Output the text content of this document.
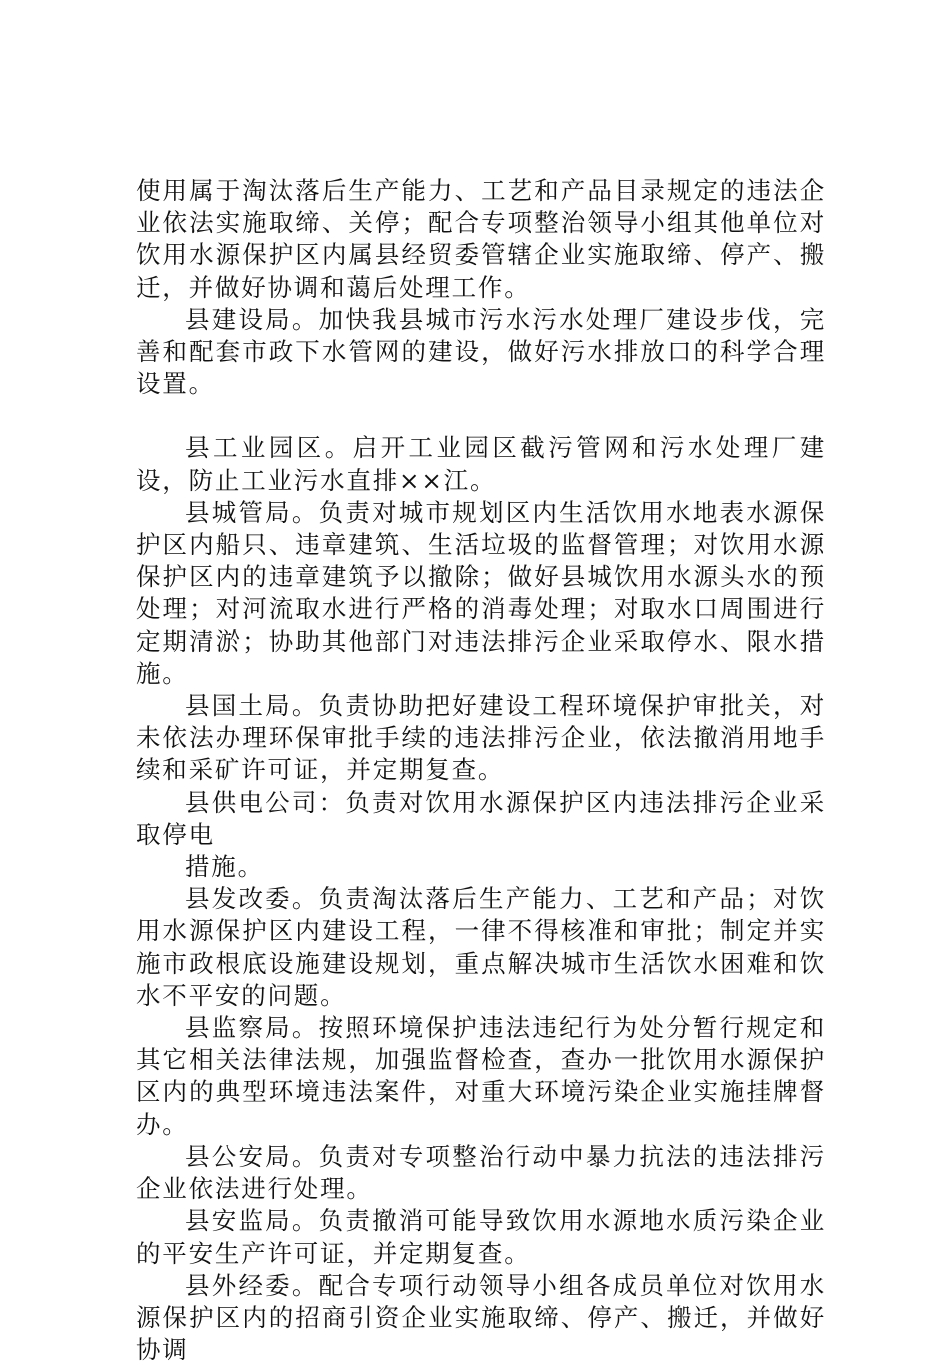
使用属于淘汰落后生产能力、工艺和产品目录规定的违法企业依法实施取缔、关停；配合专项整治领导小组其他单位对饮用水源保护区内属县经贸委管辖企业实施取缔、停产、搬迁，并做好协调和蔼后处理工作。

县建设局。加快我县城市污水污水处理厂建设步伐，完善和配套市政下水管网的建设，做好污水排放口的科学合理设置。

县工业园区。启开工业园区截污管网和污水处理厂建设，防止工业污水直排××江。

县城管局。负责对城市规划区内生活饮用水地表水源保护区内船只、违章建筑、生活垃圾的监督管理；对饮用水源保护区内的违章建筑予以撤除；做好县城饮用水源头水的预处理；对河流取水进行严格的消毒处理；对取水口周围进行定期清淤；协助其他部门对违法排污企业采取停水、限水措施。

县国土局。负责协助把好建设工程环境保护审批关，对未依法办理环保审批手续的违法排污企业，依法撤消用地手续和采矿许可证，并定期复查。

县供电公司：负责对饮用水源保护区内违法排污企业采取停电

措施。

县发改委。负责淘汰落后生产能力、工艺和产品；对饮用水源保护区内建设工程，一律不得核准和审批；制定并实施市政根底设施建设规划，重点解决城市生活饮水困难和饮水不平安的问题。

县监察局。按照环境保护违法违纪行为处分暂行规定和其它相关法律法规，加强监督检查，查办一批饮用水源保护区内的典型环境违法案件，对重大环境污染企业实施挂牌督办。

县公安局。负责对专项整治行动中暴力抗法的违法排污企业依法进行处理。

县安监局。负责撤消可能导致饮用水源地水质污染企业的平安生产许可证，并定期复查。

县外经委。配合专项行动领导小组各成员单位对饮用水源保护区内的招商引资企业实施取缔、停产、搬迁，并做好协调
